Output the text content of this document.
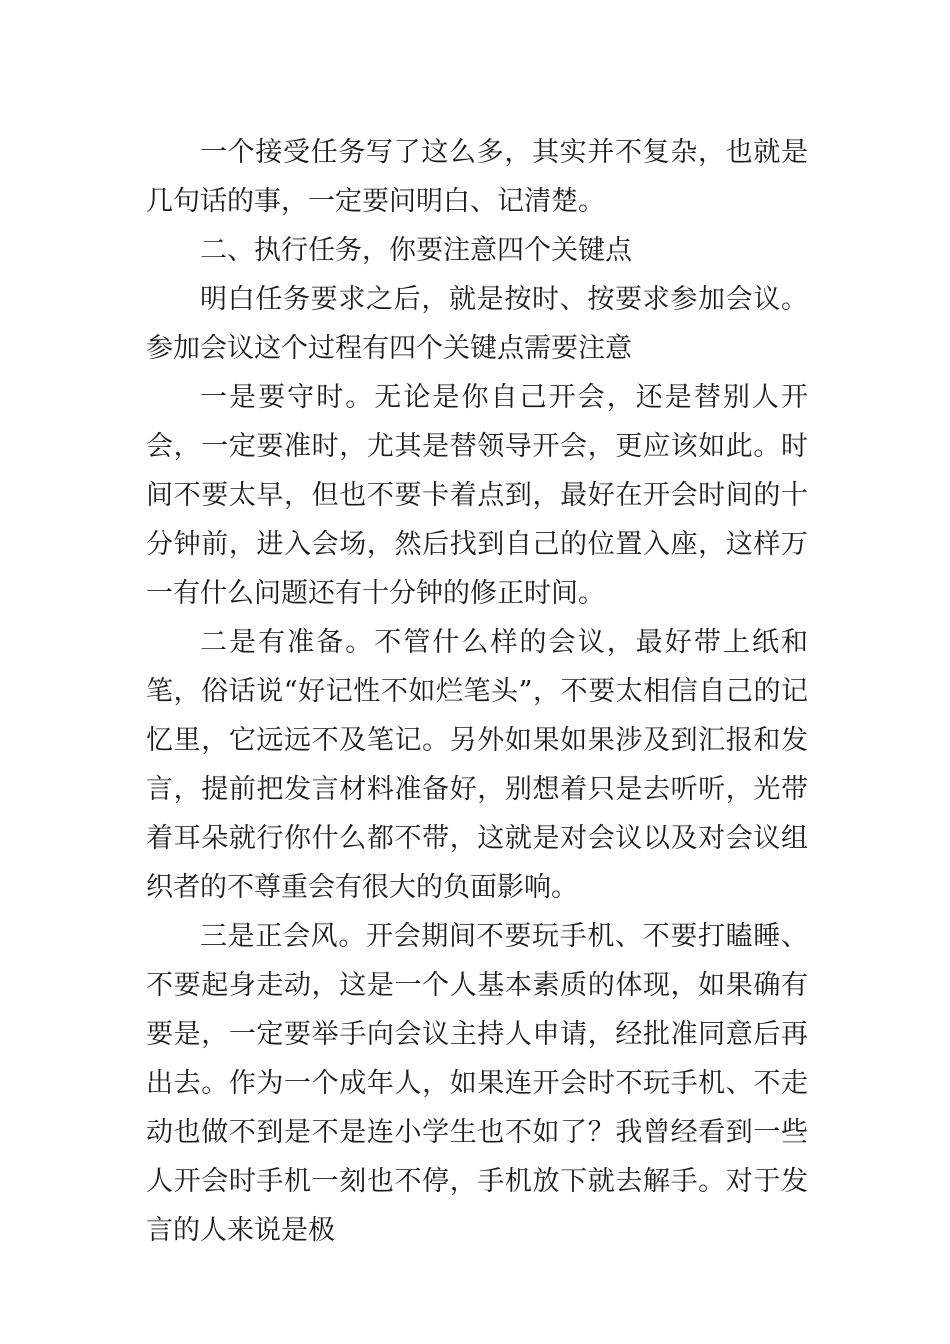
一个接受任务写了这么多，其实并不复杂，也就是几句话的事，一定要问明白、记清楚。

二、执行任务，你要注意四个关键点

明白任务要求之后，就是按时、按要求参加会议。参加会议这个过程有四个关键点需要注意

一是要守时。无论是你自己开会，还是替别人开会，一定要准时，尤其是替领导开会，更应该如此。时间不要太早，但也不要卡着点到，最好在开会时间的十分钟前，进入会场，然后找到自己的位置入座，这样万一有什么问题还有十分钟的修正时间。

二是有准备。不管什么样的会议，最好带上纸和笔，俗话说“好记性不如烂笔头”，不要太相信自己的记忆里，它远远不及笔记。另外如果如果涉及到汇报和发言，提前把发言材料准备好，别想着只是去听听，光带着耳朵就行你什么都不带，这就是对会议以及对会议组织者的不尊重会有很大的负面影响。

三是正会风。开会期间不要玩手机、不要打瞌睡、不要起身走动，这是一个人基本素质的体现，如果确有要是，一定要举手向会议主持人申请，经批准同意后再出去。作为一个成年人，如果连开会时不玩手机、不走动也做不到是不是连小学生也不如了？我曾经看到一些人开会时手机一刻也不停，手机放下就去解手。对于发言的人来说是极
